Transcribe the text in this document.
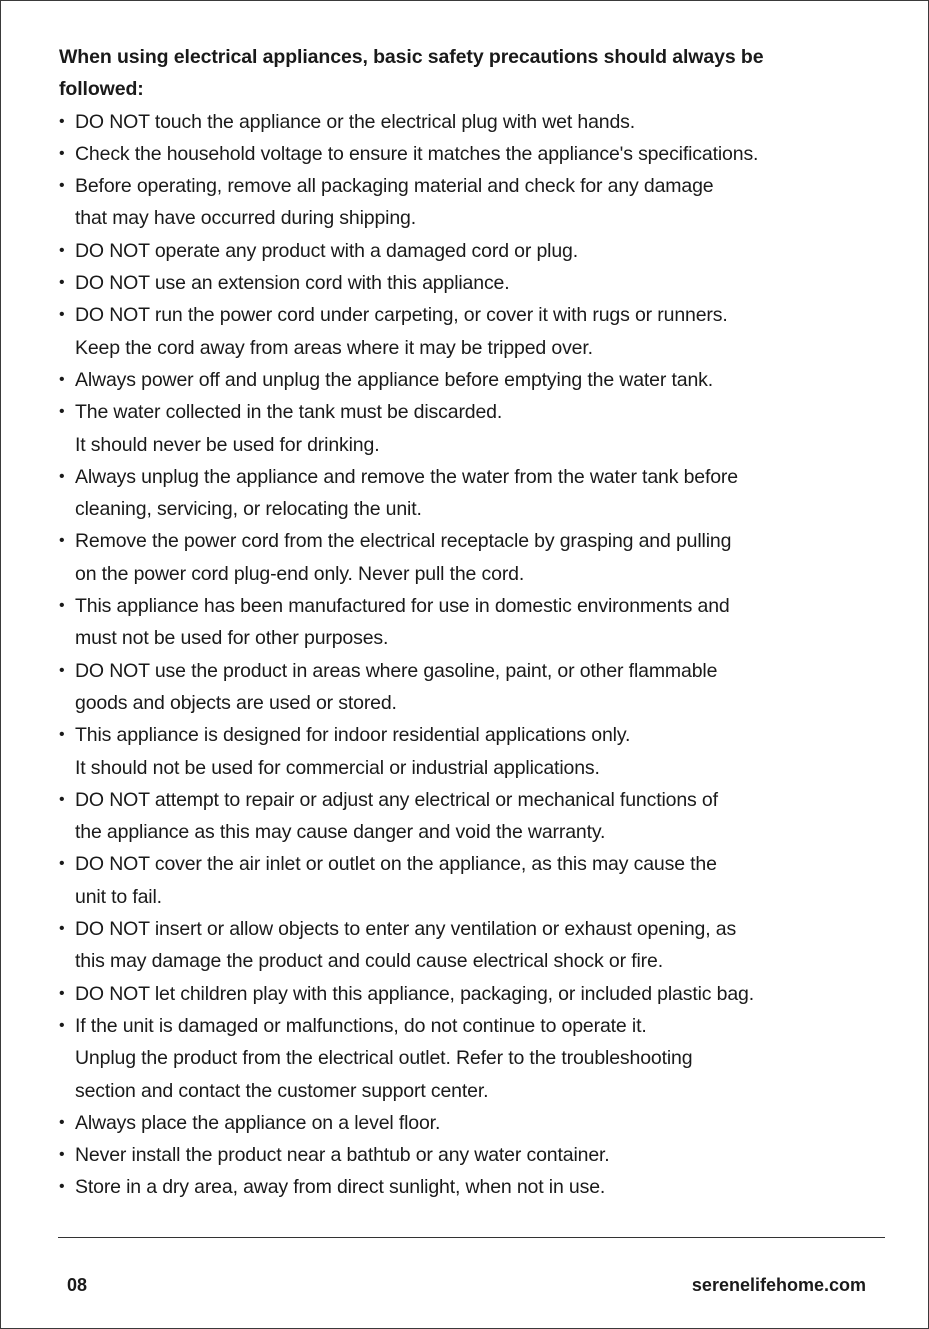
When using electrical appliances, basic safety precautions should always be
followed:

• DO NOT touch the appliance or the electrical plug with wet hands.
• Check the household voltage to ensure it matches the appliance's specifications.
• Before operating, remove all packaging material and check for any damage
that may have occurred during shipping.
• DO NOT operate any product with a damaged cord or plug.
• DO NOT use an extension cord with this appliance.
• DO NOT run the power cord under carpeting, or cover it with rugs or runners.
Keep the cord away from areas where it may be tripped over.
• Always power off and unplug the appliance before emptying the water tank.
• The water collected in the tank must be discarded.
It should never be used for drinking.
• Always unplug the appliance and remove the water from the water tank before
cleaning, servicing, or relocating the unit.
• Remove the power cord from the electrical receptacle by grasping and pulling
on the power cord plug-end only. Never pull the cord.
• This appliance has been manufactured for use in domestic environments and
must not be used for other purposes.
• DO NOT use the product in areas where gasoline, paint, or other flammable
goods and objects are used or stored.
• This appliance is designed for indoor residential applications only.
It should not be used for commercial or industrial applications.
• DO NOT attempt to repair or adjust any electrical or mechanical functions of
the appliance as this may cause danger and void the warranty.
• DO NOT cover the air inlet or outlet on the appliance, as this may cause the
unit to fail.
• DO NOT insert or allow objects to enter any ventilation or exhaust opening, as
this may damage the product and could cause electrical shock or fire.
• DO NOT let children play with this appliance, packaging, or included plastic bag.
• If the unit is damaged or malfunctions, do not continue to operate it.
Unplug the product from the electrical outlet. Refer to the troubleshooting
section and contact the customer support center.
• Always place the appliance on a level floor.
• Never install the product near a bathtub or any water container.
• Store in a dry area, away from direct sunlight, when not in use.
08	serenelifehome.com
